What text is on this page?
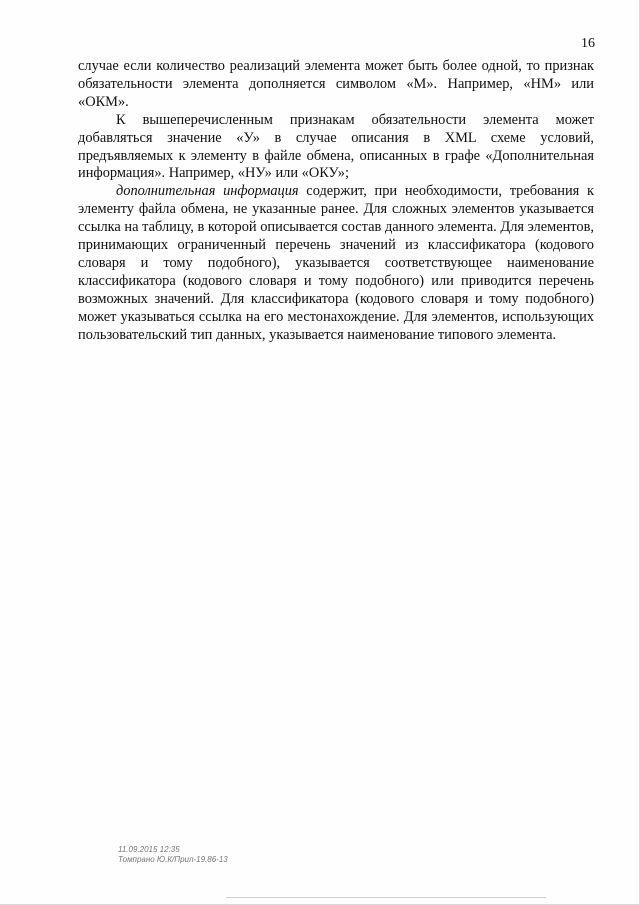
16

случае если количество реализаций элемента может быть более одной, то признак обязательности элемента дополняется символом «М». Например, «НМ» или «ОКМ».

К вышеперечисленным признакам обязательности элемента может добавляться значение «У» в случае описания в XML схеме условий, предъявляемых к элементу в файле обмена, описанных в графе «Дополнительная информация». Например, «НУ» или «ОКУ»;

дополнительная информация содержит, при необходимости, требования к элементу файла обмена, не указанные ранее. Для сложных элементов указывается ссылка на таблицу, в которой описывается состав данного элемента. Для элементов, принимающих ограниченный перечень значений из классификатора (кодового словаря и тому подобного), указывается соответствующее наименование классификатора (кодового словаря и тому подобного) или приводится перечень возможных значений. Для классификатора (кодового словаря и тому подобного) может указываться ссылка на его местонахождение. Для элементов, использующих пользовательский тип данных, указывается наименование типового элемента.

11.09.2015 12:35
Томпрано Ю.К/Прил-19.86-13
